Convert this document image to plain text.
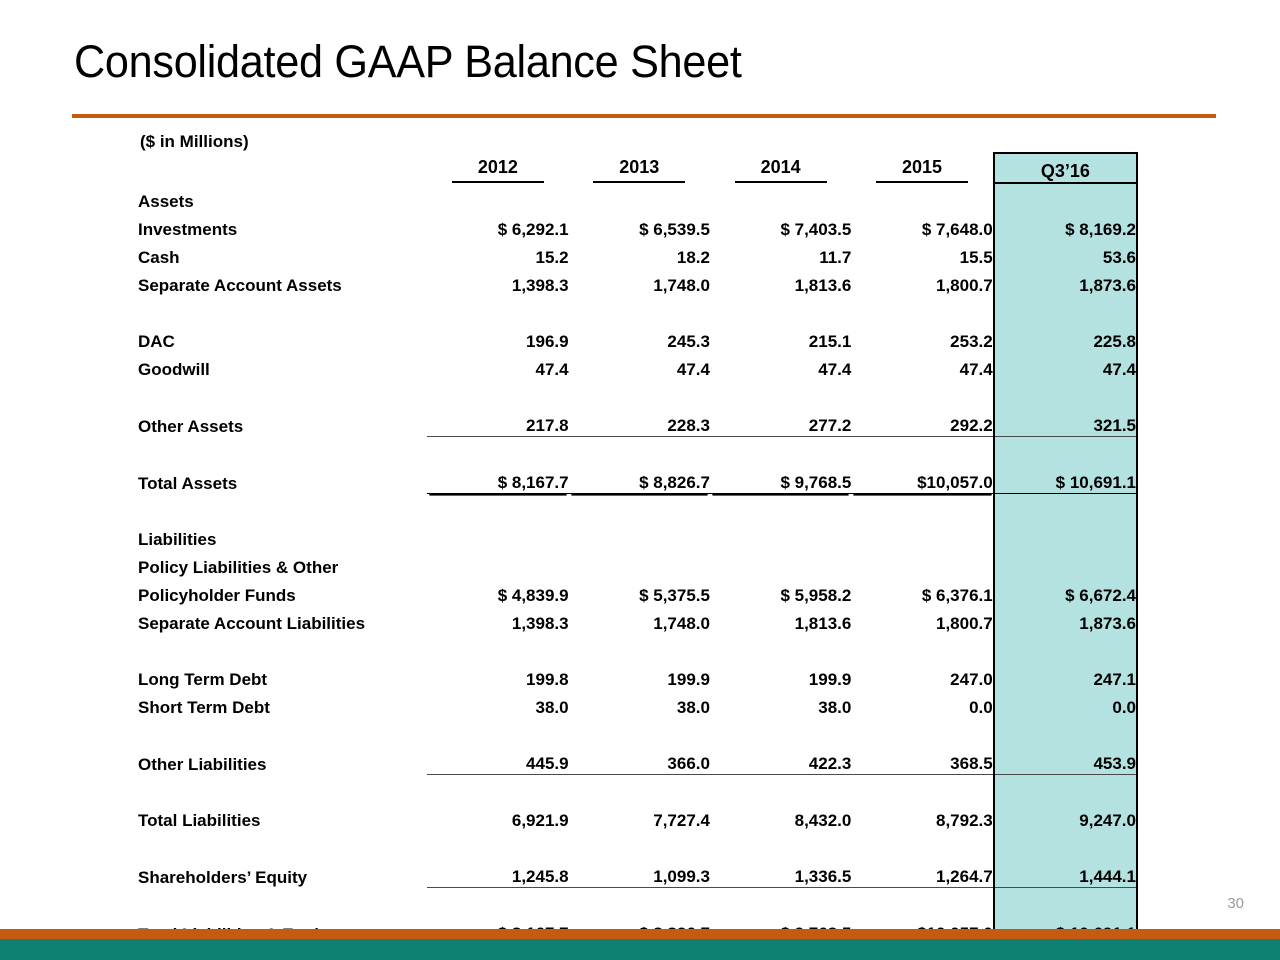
Consolidated GAAP Balance Sheet
($ in Millions)
	2012	2013	2014	2015	Q3’16
Assets					
Investments	$ 6,292.1	$ 6,539.5	$ 7,403.5	$ 7,648.0	$ 8,169.2
Cash	15.2	18.2	11.7	15.5	53.6
Separate Account Assets	1,398.3	1,748.0	1,813.6	1,800.7	1,873.6

DAC	196.9	245.3	215.1	253.2	225.8
Goodwill	47.4	47.4	47.4	47.4	47.4

Other Assets	217.8	228.3	277.2	292.2	321.5

Total Assets	$ 8,167.7	$ 8,826.7	$ 9,768.5	$10,057.0	$ 10,691.1

Liabilities					
Policy Liabilities & Other					
Policyholder Funds	$ 4,839.9	$ 5,375.5	$ 5,958.2	$ 6,376.1	$ 6,672.4
Separate Account Liabilities	1,398.3	1,748.0	1,813.6	1,800.7	1,873.6

Long Term Debt	199.8	199.9	199.9	247.0	247.1
Short Term Debt	38.0	38.0	38.0	0.0	0.0

Other Liabilities	445.9	366.0	422.3	368.5	453.9

Total Liabilities	6,921.9	7,727.4	8,432.0	8,792.3	9,247.0

Shareholders’ Equity	1,245.8	1,099.3	1,336.5	1,264.7	1,444.1

30
